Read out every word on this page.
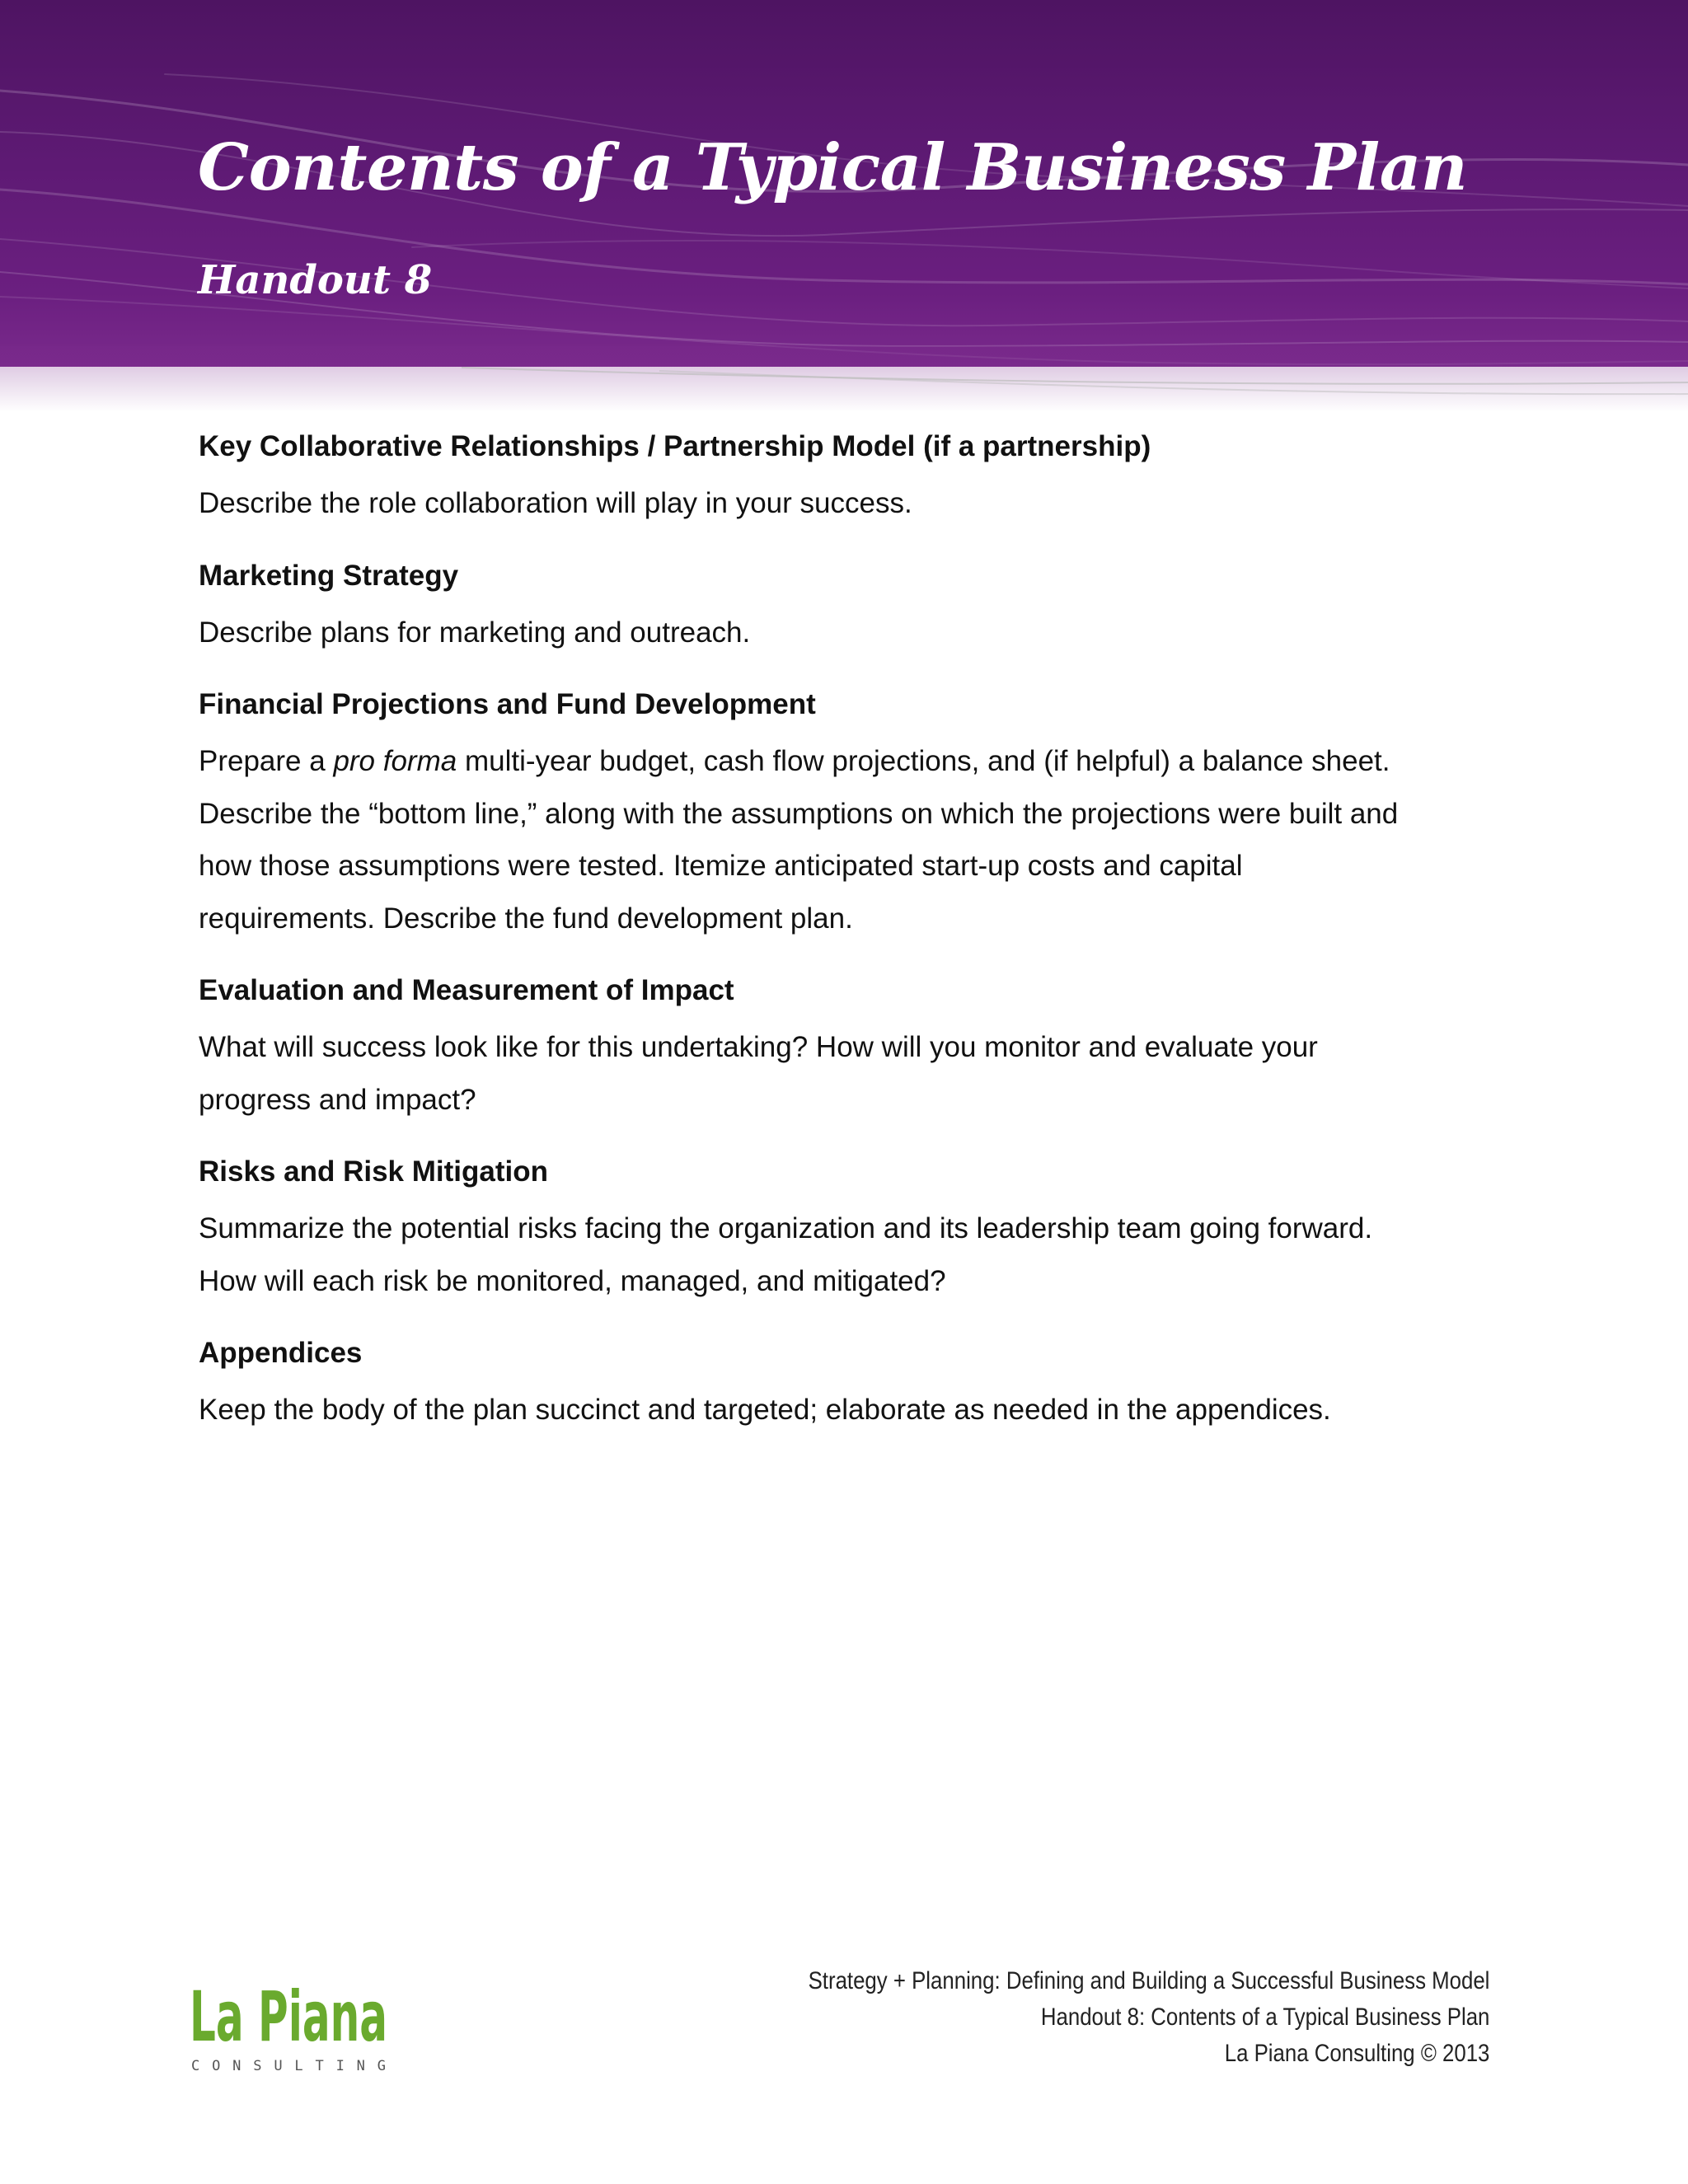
Contents of a Typical Business Plan
Handout 8
Key Collaborative Relationships / Partnership Model (if a partnership)

Describe the role collaboration will play in your success.

Marketing Strategy

Describe plans for marketing and outreach.

Financial Projections and Fund Development

Prepare a pro forma multi-year budget, cash flow projections, and (if helpful) a balance sheet.
Describe the “bottom line,” along with the assumptions on which the projections were built and
how those assumptions were tested. Itemize anticipated start-up costs and capital
requirements. Describe the fund development plan.

Evaluation and Measurement of Impact

What will success look like for this undertaking? How will you monitor and evaluate your
progress and impact?

Risks and Risk Mitigation

Summarize the potential risks facing the organization and its leadership team going forward.
How will each risk be monitored, managed, and mitigated?

Appendices

Keep the body of the plan succinct and targeted; elaborate as needed in the appendices.

La Piana
CONSULTING
Strategy + Planning: Defining and Building a Successful Business Model
Handout 8: Contents of a Typical Business Plan
La Piana Consulting © 2013
